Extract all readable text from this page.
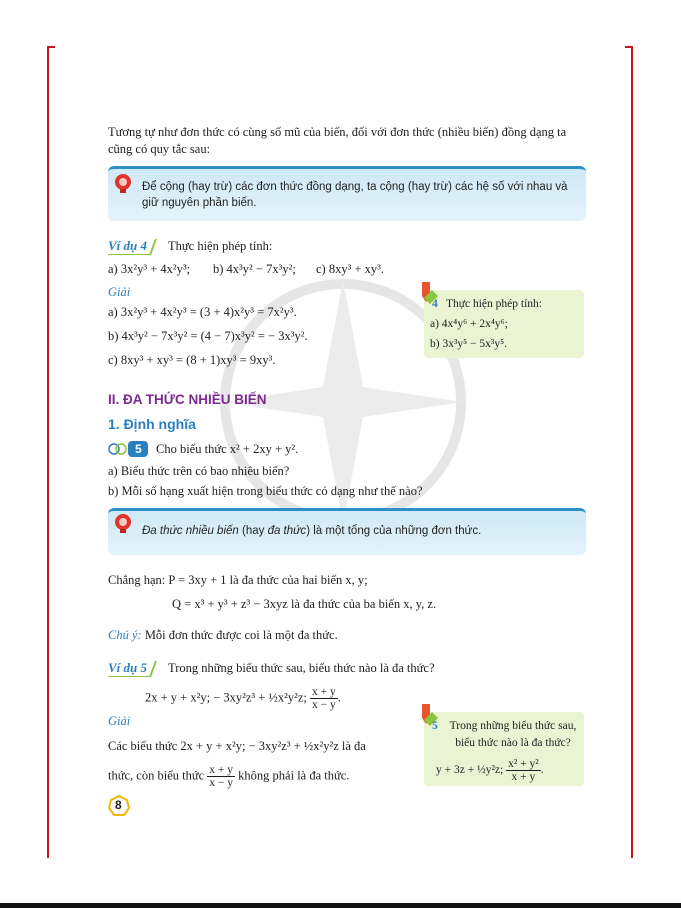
Tương tự như đơn thức có cùng số mũ của biến, đối với đơn thức (nhiều biến) đồng dạng ta cũng có quy tắc sau:
Để cộng (hay trừ) các đơn thức đồng dạng, ta cộng (hay trừ) các hệ số với nhau và giữ nguyên phần biến.
Ví dụ 4	Thực hiện phép tính:
a) 3x²y³ + 4x²y³; b) 4x³y² − 7x³y²; c) 8xy³ + xy³.
Giải
a) 3x²y³ + 4x²y³ = (3 + 4)x²y³ = 7x²y³.
b) 4x³y² − 7x³y² = (4 − 7)x³y² = − 3x³y².
c) 8xy³ + xy³ = (8 + 1)xy³ = 9xy³.
4 Thực hiện phép tính:
a) 4x⁴y⁶ + 2x⁴y⁶;
b) 3x³y⁵ − 5x³y⁵.
II. ĐA THỨC NHIỀU BIẾN
1. Định nghĩa
5 Cho biểu thức x² + 2xy + y².
a) Biểu thức trên có bao nhiêu biến?
b) Mỗi số hạng xuất hiện trong biểu thức có dạng như thế nào?
Đa thức nhiều biến (hay đa thức) là một tổng của những đơn thức.
Chẳng hạn: P = 3xy + 1 là đa thức của hai biến x, y;
Q = x³ + y³ + z³ − 3xyz là đa thức của ba biến x, y, z.
Chú ý: Mỗi đơn thức được coi là một đa thức.
Ví dụ 5	Trong những biểu thức sau, biểu thức nào là đa thức?
2x + y + x²y; − 3xy²z³ + ½x²y²z; $\frac{x + y}{x - y}$ .
Giải
Các biểu thức 2x + y + x²y; − 3xy²z³ + ½x²y²z là đa
thức, còn biểu thức $\frac{x + y}{x - y}$ không phải là đa thức.
5	Trong những biểu thức sau, biểu thức nào là đa thức?
y + 3z + ½y²z; $\frac{\text{x² + y²}}{x + y}$ .
8
